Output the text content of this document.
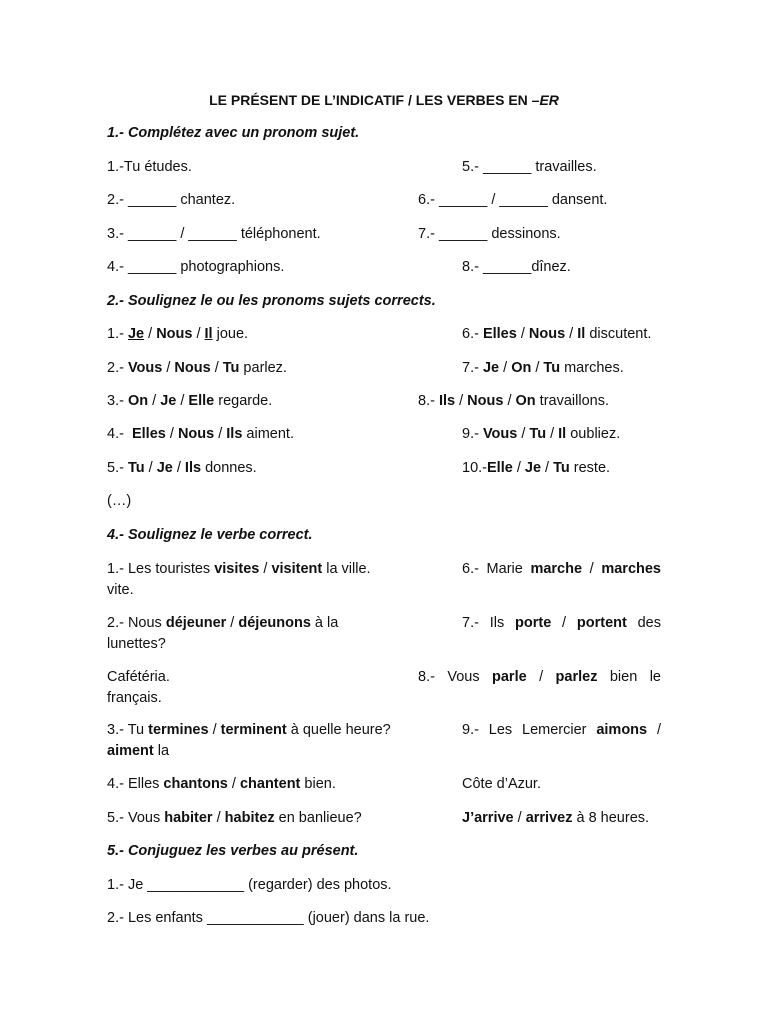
LE PRÉSENT DE L’INDICATIF / LES VERBES EN –ER
1.- Complétez avec un pronom sujet.
1.-Tu études.	5.- ______ travailles.
2.- ______ chantez.	6.- ______ / ______ dansent.
3.- ______ / ______ téléphonent.	7.- ______ dessinons.
4.- ______ photographions.	8.- ______dînez.
2.- Soulignez le ou les pronoms sujets corrects.
1.- Je / Nous / Il joue.	6.- Elles / Nous / Il discutent.
2.- Vous / Nous / Tu parlez.	7.- Je / On / Tu marches.
3.- On / Je / Elle regarde.	8.- Ils / Nous / On travaillons.
4.-  Elles / Nous / Ils aiment.	9.- Vous / Tu / Il oubliez.
5.- Tu / Je / Ils donnes.	10.-Elle / Je / Tu reste.
(…)
4.- Soulignez le verbe correct.
1.- Les touristes visites / visitent la ville.	6.- Marie marche / marches
vite.
2.- Nous déjeuner / déjeunons à la	7.- Ils porte / portent des
lunettes?
Cafétéria.	8.- Vous parle / parlez bien le
français.
3.- Tu termines / terminent à quelle heure?	9.- Les Lemercier aimons /
aiment la
4.- Elles chantons / chantent bien.	Côte d’Azur.
5.- Vous habiter / habitez en banlieue?	J’arrive / arrivez à 8 heures.
5.- Conjuguez les verbes au présent.
1.- Je ____________ (regarder) des photos.
2.- Les enfants ____________ (jouer) dans la rue.
